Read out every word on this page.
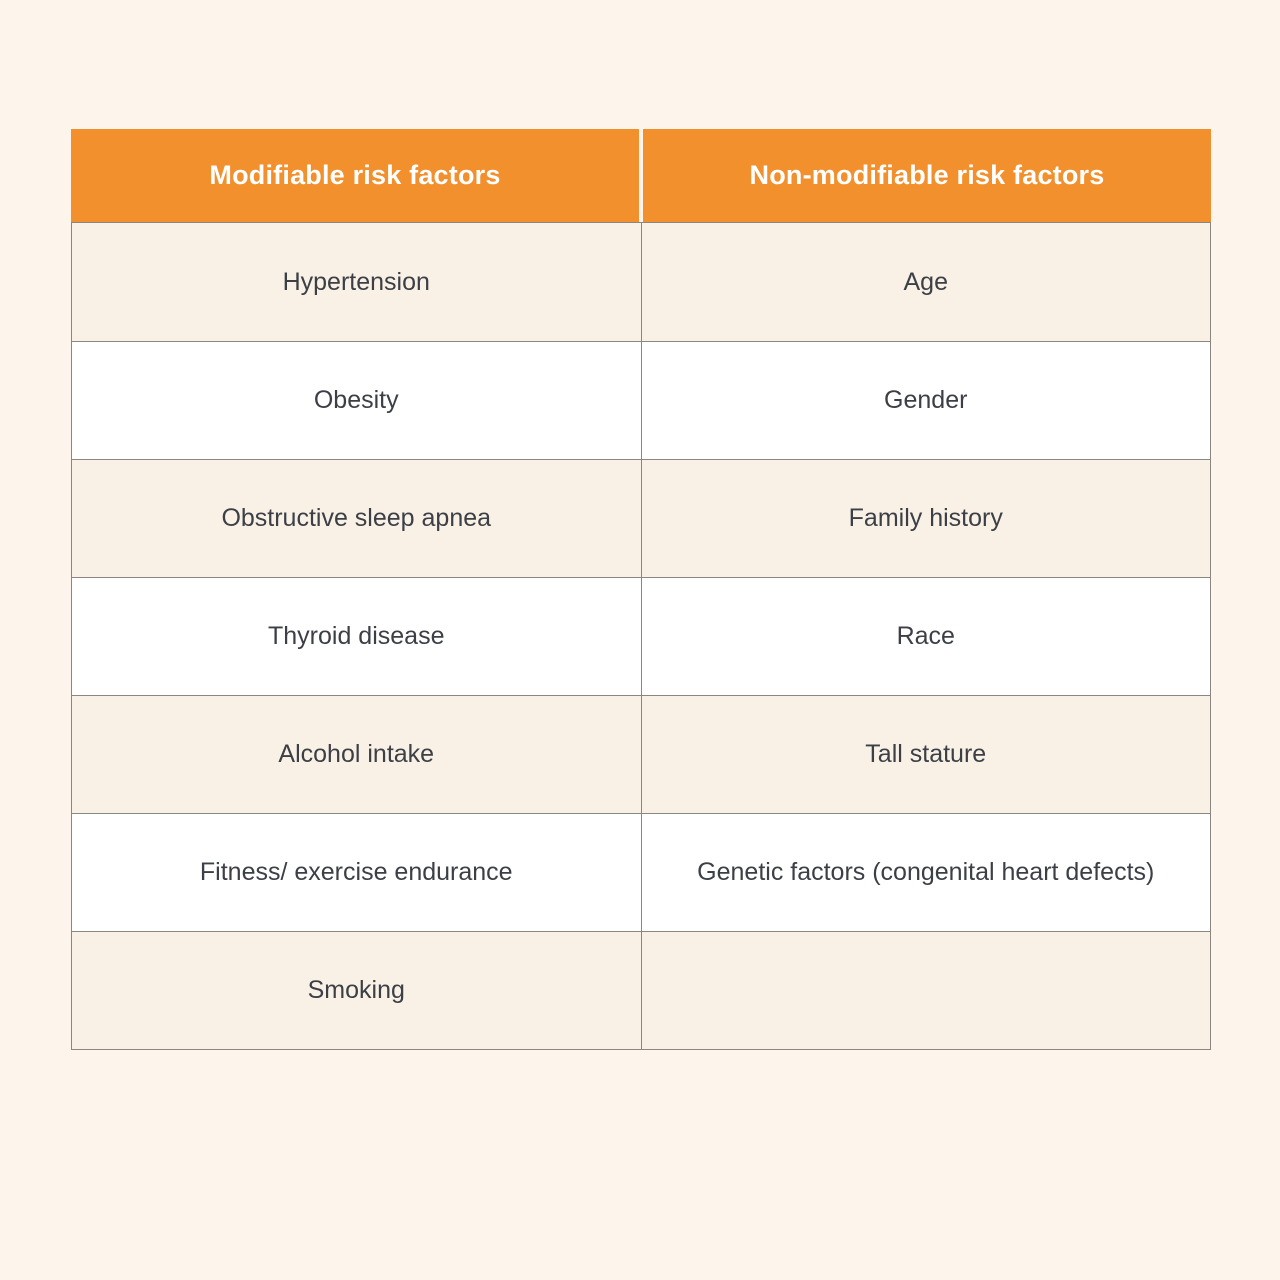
Modifiable risk factors	Non-modifiable risk factors
Hypertension	Age
Obesity	Gender
Obstructive sleep apnea	Family history
Thyroid disease	Race
Alcohol intake	Tall stature
Fitness/ exercise endurance	Genetic factors (congenital heart defects)
Smoking
